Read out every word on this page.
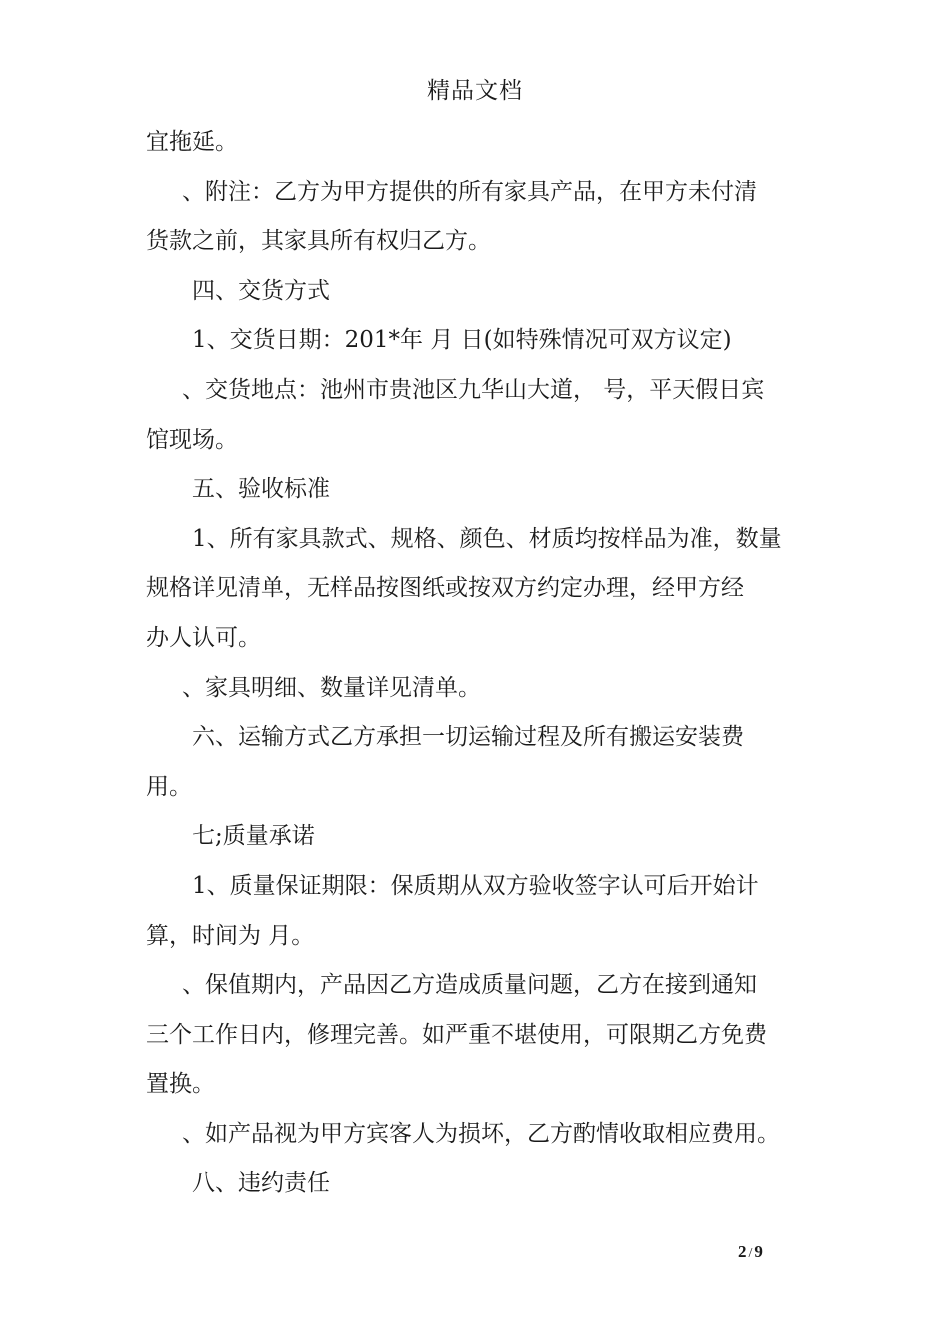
精品文档
宜拖延。
、附注：乙方为甲方提供的所有家具产品，在甲方未付清
货款之前，其家具所有权归乙方。
四、交货方式
1、交货日期：201*年 月 日(如特殊情况可双方议定)
、交货地点：池州市贵池区九华山大道， 号，平天假日宾
馆现场。
五、验收标准
1、所有家具款式、规格、颜色、材质均按样品为准，数量
规格详见清单，无样品按图纸或按双方约定办理，经甲方经
办人认可。
、家具明细、数量详见清单。
六、运输方式乙方承担一切运输过程及所有搬运安装费
用。
七;质量承诺
1、质量保证期限：保质期从双方验收签字认可后开始计
算，时间为 月。
、保值期内，产品因乙方造成质量问题，乙方在接到通知
三个工作日内，修理完善。如严重不堪使用，可限期乙方免费
置换。
、如产品视为甲方宾客人为损坏，乙方酌情收取相应费用。
八、违约责任
2 / 9
